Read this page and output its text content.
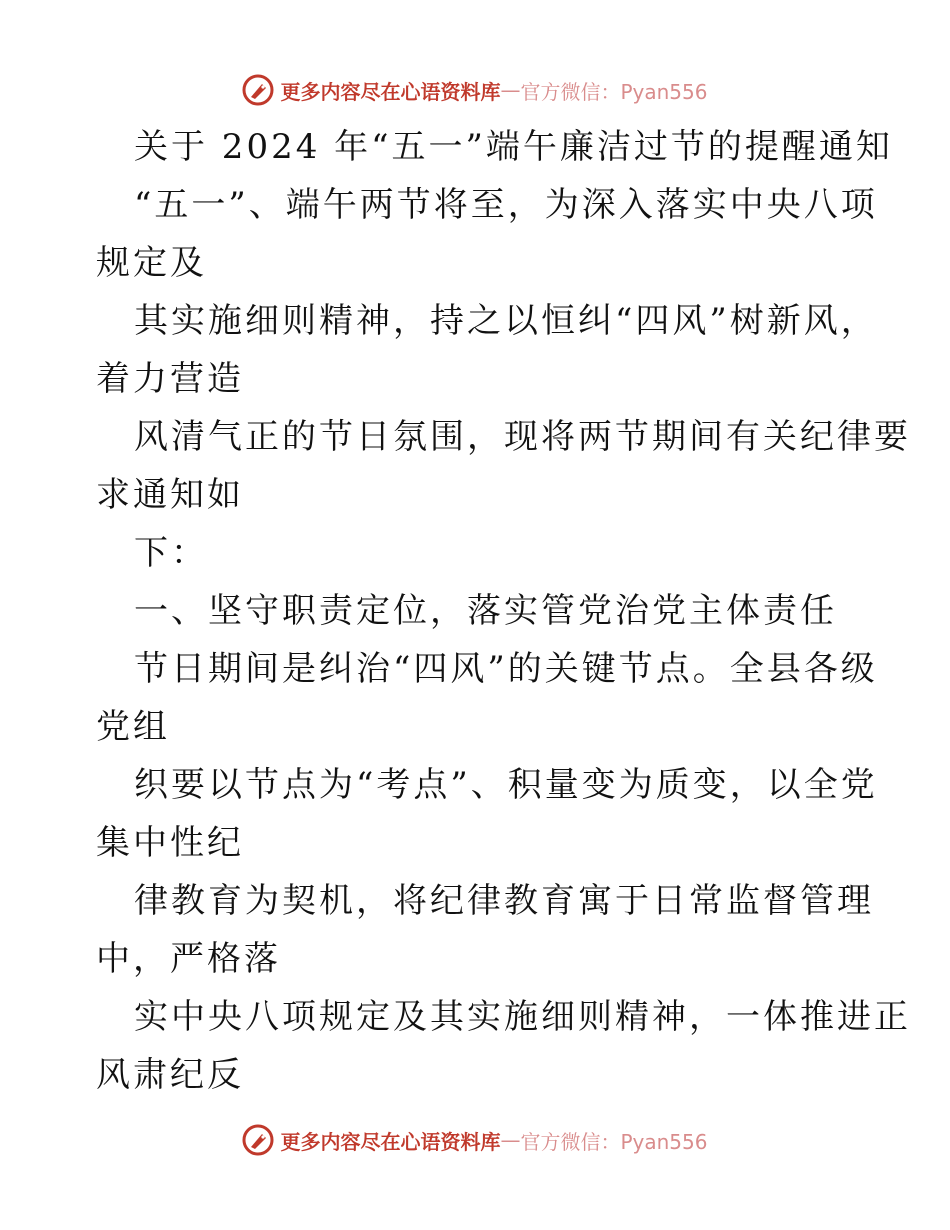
更多内容尽在心语资料库 — 官方微信：Pyan556
关于 2024 年“五一”端午廉洁过节的提醒通知
“五一”、端午两节将至，为深入落实中央八项
规定及
其实施细则精神，持之以恒纠“四风”树新风，
着力营造
风清气正的节日氛围，现将两节期间有关纪律要
求通知如
下：
一、坚守职责定位，落实管党治党主体责任
节日期间是纠治“四风”的关键节点。全县各级
党组
织要以节点为“考点”、积量变为质变，以全党
集中性纪
律教育为契机，将纪律教育寓于日常监督管理
中，严格落
实中央八项规定及其实施细则精神，一体推进正
风肃纪反
更多内容尽在心语资料库 — 官方微信：Pyan556
